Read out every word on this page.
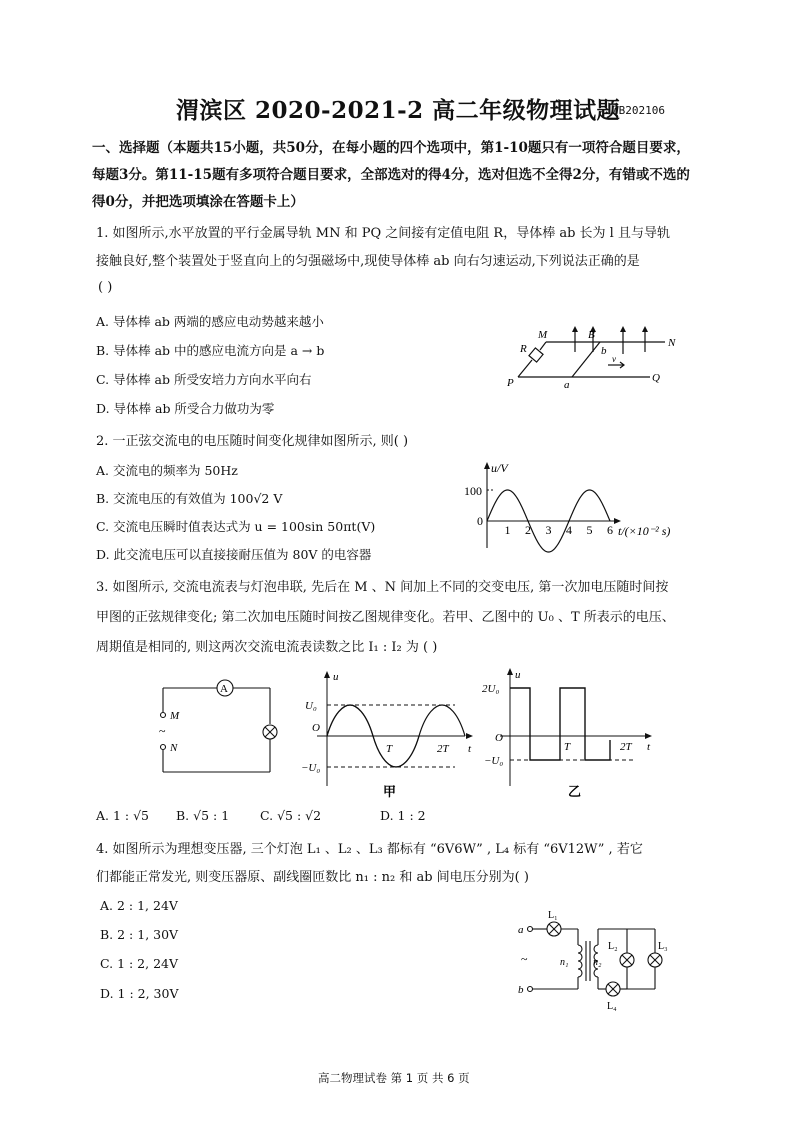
渭滨区 2020-2021-2 高二年级物理试题
WB202106
一、选择题（本题共15小题，共50分，在每小题的四个选项中，第1-10题只有一项符合题目要求，
每题3分。第11-15题有多项符合题目要求，全部选对的得4分，选对但选不全得2分，有错或不选的
得0分，并把选项填涂在答题卡上）
1. 如图所示,水平放置的平行金属导轨 MN 和 PQ 之间接有定值电阻 R，导体棒 ab 长为 l 且与导轨
接触良好,整个装置处于竖直向上的匀强磁场中,现使导体棒 ab 向右匀速运动,下列说法正确的是
( )
A. 导体棒 ab 两端的感应电动势越来越小
B. 导体棒 ab 中的感应电流方向是 a → b
C. 导体棒 ab 所受安培力方向水平向右
D. 导体棒 ab 所受合力做功为零
M	B
N
R	b
v
P	a
Q
2. 一正弦交流电的电压随时间变化规律如图所示, 则( )
A. 交流电的频率为 50Hz
B. 交流电压的有效值为 100√2 V
C. 交流电压瞬时值表达式为 u = 100sin 50πt(V)
D. 此交流电压可以直接接耐压值为 80V 的电容器
u/V
100
0
t/(×10⁻² s)
1 2 3 4 5 6
3. 如图所示, 交流电流表与灯泡串联, 先后在 M 、N 间加上不同的交变电压, 第一次加电压随时间按
甲图的正弦规律变化; 第二次加电压随时间按乙图规律变化。若甲、乙图中的 U₀ 、T 所表示的电压、
周期值是相同的, 则这两次交流电流表读数之比 I₁ : I₂ 为 ( )
A
M
~
N
u
U₀
−U₀
O
T	2T t
甲
u
2U₀
−U₀
O
T	2T t
乙
A. 1 : √5 B. √5 : 1 C. √5 : √2	D. 1 : 2
4. 如图所示为理想变压器, 三个灯泡 L₁ 、L₂ 、L₃ 都标有 “6V6W” , L₄ 标有 “6V12W” , 若它
们都能正常发光, 则变压器原、副线圈匝数比 n₁ : n₂ 和 ab 间电压分别为( )
A. 2 : 1, 24V
B. 2 : 1, 30V
C. 1 : 2, 24V
D. 1 : 2, 30V
a
b
~
L₁
L₂	L₃
L₄
n₁ n₂
高二物理试卷 第 1 页 共 6 页
